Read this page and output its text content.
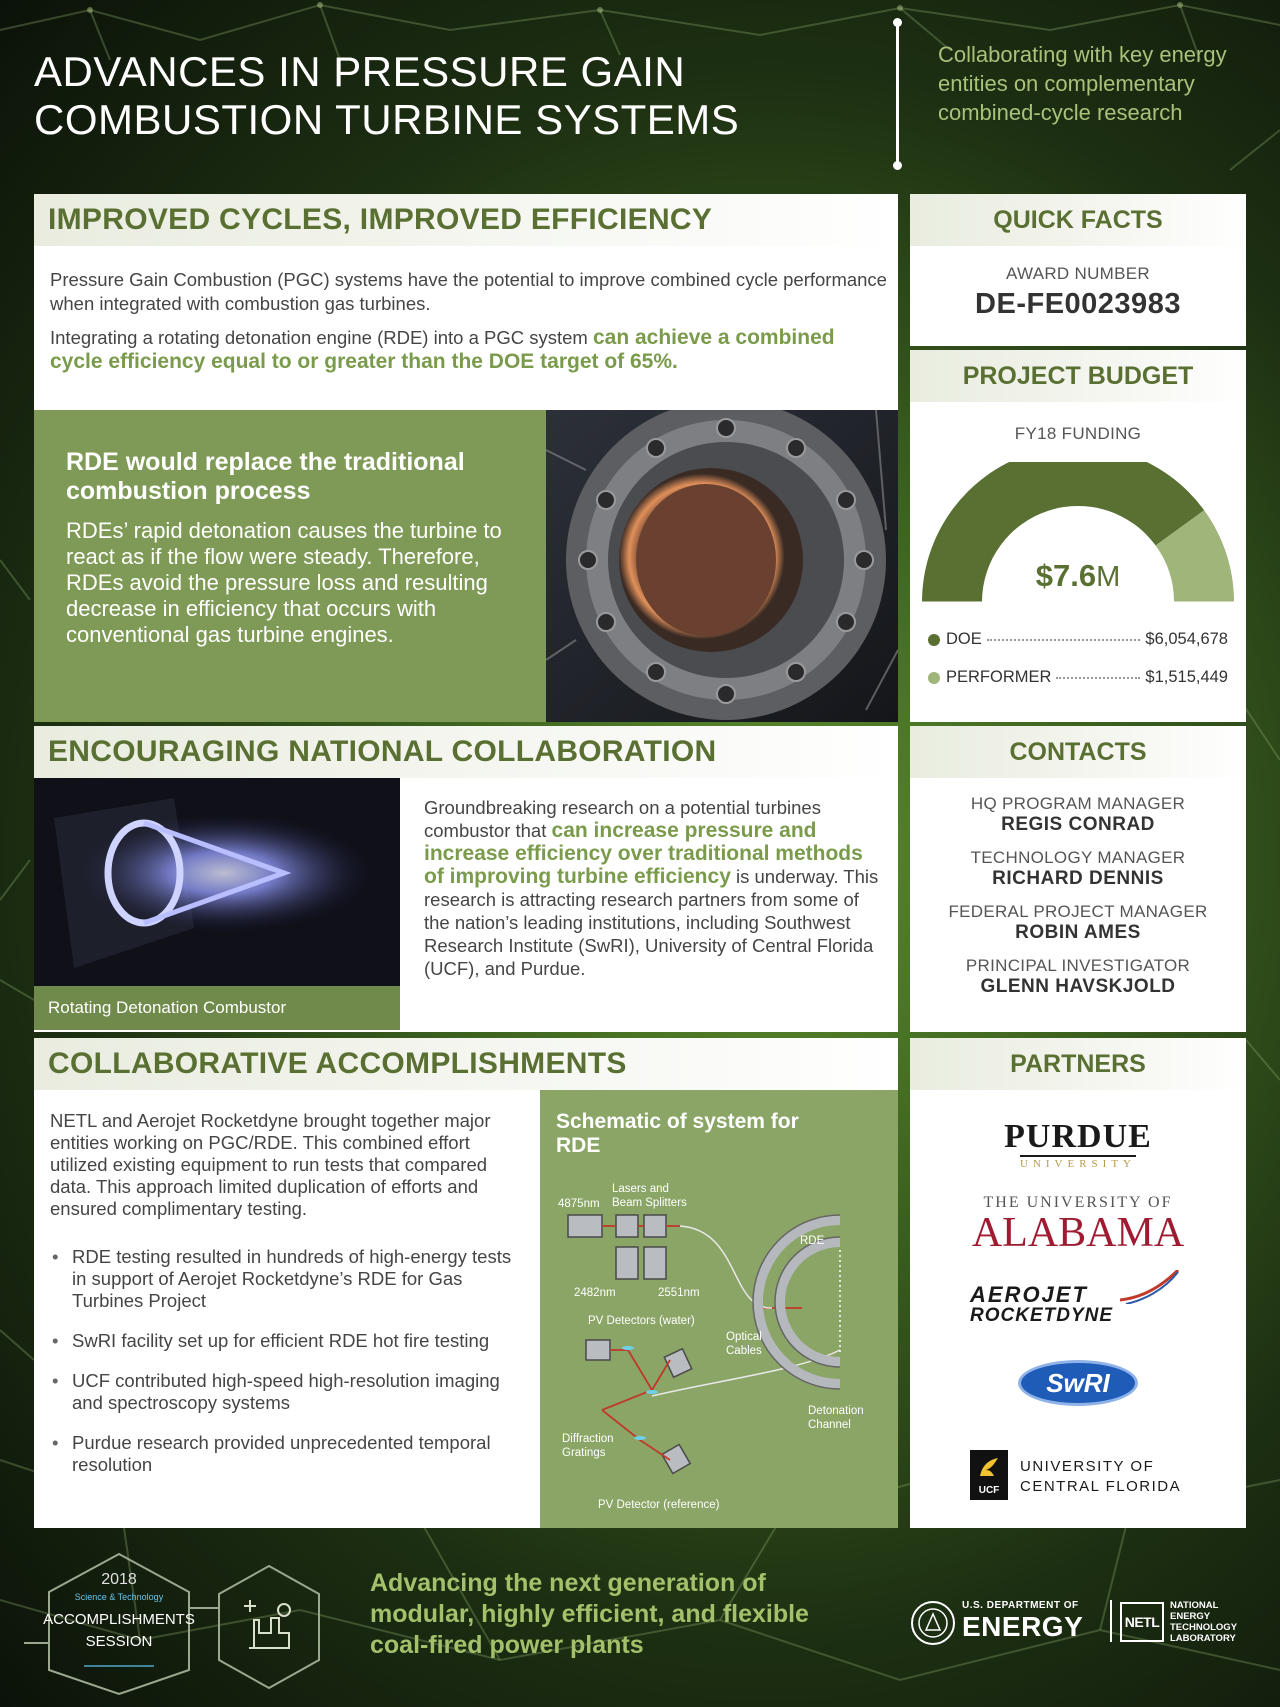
ADVANCES IN PRESSURE GAIN
COMBUSTION TURBINE SYSTEMS
Collaborating with key energy entities on complementary combined-cycle research
IMPROVED CYCLES, IMPROVED EFFICIENCY
Pressure Gain Combustion (PGC) systems have the potential to improve combined cycle performance when integrated with combustion gas turbines.
Integrating a rotating detonation engine (RDE) into a PGC system can achieve a combined cycle efficiency equal to or greater than the DOE target of 65%.
RDE would replace the traditional combustion process
RDEs’ rapid detonation causes the turbine to react as if the flow were steady. Therefore, RDEs avoid the pressure loss and resulting decrease in efficiency that occurs with conventional gas turbine engines.
QUICK FACTS
AWARD NUMBER
DE-FE0023983
PROJECT BUDGET
FY18 FUNDING
$7.6M
DOE	$6,054,678
PERFORMER	$1,515,449
ENCOURAGING NATIONAL COLLABORATION
Rotating Detonation Combustor
Groundbreaking research on a potential turbines combustor that can increase pressure and increase efficiency over traditional methods of improving turbine efficiency is underway. This research is attracting research partners from some of the nation’s leading institutions, including Southwest Research Institute (SwRI), University of Central Florida (UCF), and Purdue.
CONTACTS
HQ PROGRAM MANAGER
REGIS CONRAD
TECHNOLOGY MANAGER
RICHARD DENNIS
FEDERAL PROJECT MANAGER
ROBIN AMES
PRINCIPAL INVESTIGATOR
GLENN HAVSKJOLD
COLLABORATIVE ACCOMPLISHMENTS
NETL and Aerojet Rocketdyne brought together major entities working on PGC/RDE. This combined effort utilized existing equipment to run tests that compared data. This approach limited duplication of efforts and ensured complimentary testing.
• RDE testing resulted in hundreds of high-energy tests in support of Aerojet Rocketdyne’s RDE for Gas Turbines Project
• SwRI facility set up for efficient RDE hot fire testing
• UCF contributed high-speed high-resolution imaging and spectroscopy systems
• Purdue research provided unprecedented temporal resolution
Schematic of system for RDE
4875nm
Lasers and
Beam Splitters
RDE
2482nm	2551nm
PV Detectors (water)
Optical
Cables
Detonation
Channel
Diffraction
Gratings
PV Detector (reference)
PARTNERS
PURDUE
UNIVERSITY
THE UNIVERSITY OF
ALABAMA
AEROJET
ROCKETDYNE
SwRI
UCF
UNIVERSITY OF
CENTRAL FLORIDA
2018
Science & Technology
ACCOMPLISHMENTS
SESSION
Advancing the next generation of modular, highly efficient, and flexible coal-fired power plants
U.S. DEPARTMENT OF
ENERGY	NETL
NATIONAL
ENERGY
TECHNOLOGY
LABORATORY
